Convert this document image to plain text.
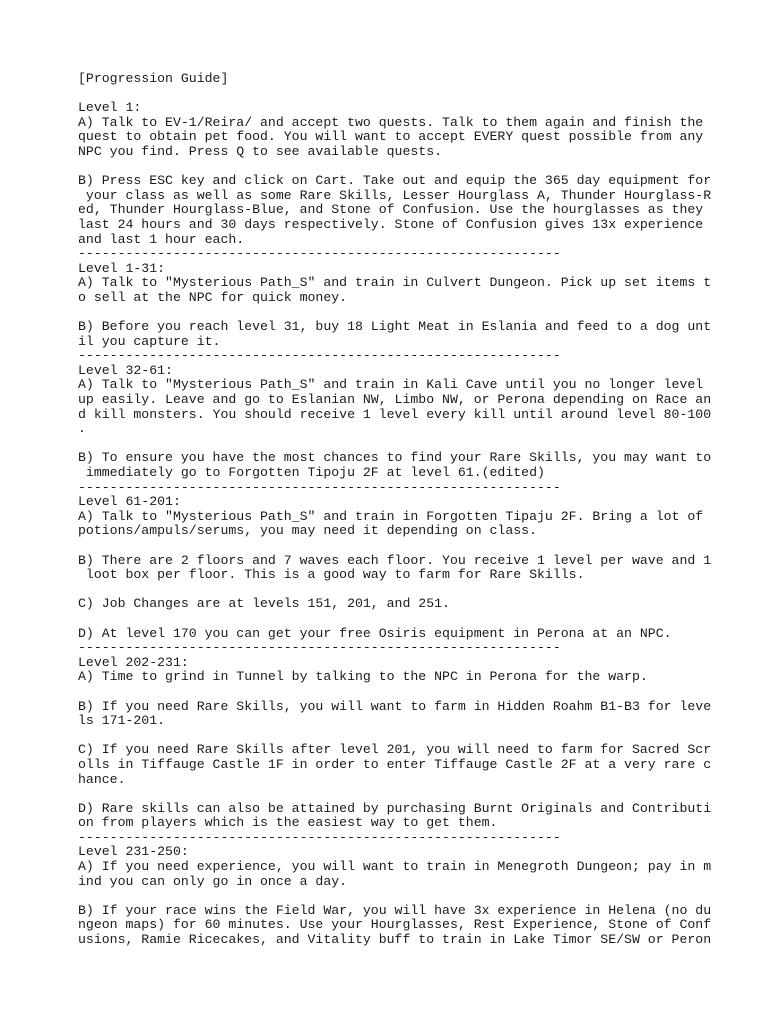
[Progression Guide]
Level 1:
A) Talk to EV-1/Reira/ and accept two quests. Talk to them again and finish the
quest to obtain pet food. You will want to accept EVERY quest possible from any
NPC you find. Press Q to see available quests.
B) Press ESC key and click on Cart. Take out and equip the 365 day equipment for
your class as well as some Rare Skills, Lesser Hourglass A, Thunder Hourglass-R
ed, Thunder Hourglass-Blue, and Stone of Confusion. Use the hourglasses as they
last 24 hours and 30 days respectively. Stone of Confusion gives 13x experience
and last 1 hour each.
-------------------------------------------------------------
Level 1-31:
A) Talk to "Mysterious Path_S" and train in Culvert Dungeon. Pick up set items t
o sell at the NPC for quick money.
B) Before you reach level 31, buy 18 Light Meat in Eslania and feed to a dog unt
il you capture it.
-------------------------------------------------------------
Level 32-61:
A) Talk to "Mysterious Path_S" and train in Kali Cave until you no longer level
up easily. Leave and go to Eslanian NW, Limbo NW, or Perona depending on Race an
d kill monsters. You should receive 1 level every kill until around level 80-100
.
B) To ensure you have the most chances to find your Rare Skills, you may want to
immediately go to Forgotten Tipoju 2F at level 61.(edited)
-------------------------------------------------------------
Level 61-201:
A) Talk to "Mysterious Path_S" and train in Forgotten Tipaju 2F. Bring a lot of
potions/ampuls/serums, you may need it depending on class.
B) There are 2 floors and 7 waves each floor. You receive 1 level per wave and 1
loot box per floor. This is a good way to farm for Rare Skills.
C) Job Changes are at levels 151, 201, and 251.
D) At level 170 you can get your free Osiris equipment in Perona at an NPC.
-------------------------------------------------------------
Level 202-231:
A) Time to grind in Tunnel by talking to the NPC in Perona for the warp.
B) If you need Rare Skills, you will want to farm in Hidden Roahm B1-B3 for leve
ls 171-201.
C) If you need Rare Skills after level 201, you will need to farm for Sacred Scr
olls in Tiffauge Castle 1F in order to enter Tiffauge Castle 2F at a very rare c
hance.
D) Rare skills can also be attained by purchasing Burnt Originals and Contributi
on from players which is the easiest way to get them.
-------------------------------------------------------------
Level 231-250:
A) If you need experience, you will want to train in Menegroth Dungeon; pay in m
ind you can only go in once a day.
B) If your race wins the Field War, you will have 3x experience in Helena (no du
ngeon maps) for 60 minutes. Use your Hourglasses, Rest Experience, Stone of Conf
usions, Ramie Ricecakes, and Vitality buff to train in Lake Timor SE/SW or Peron
